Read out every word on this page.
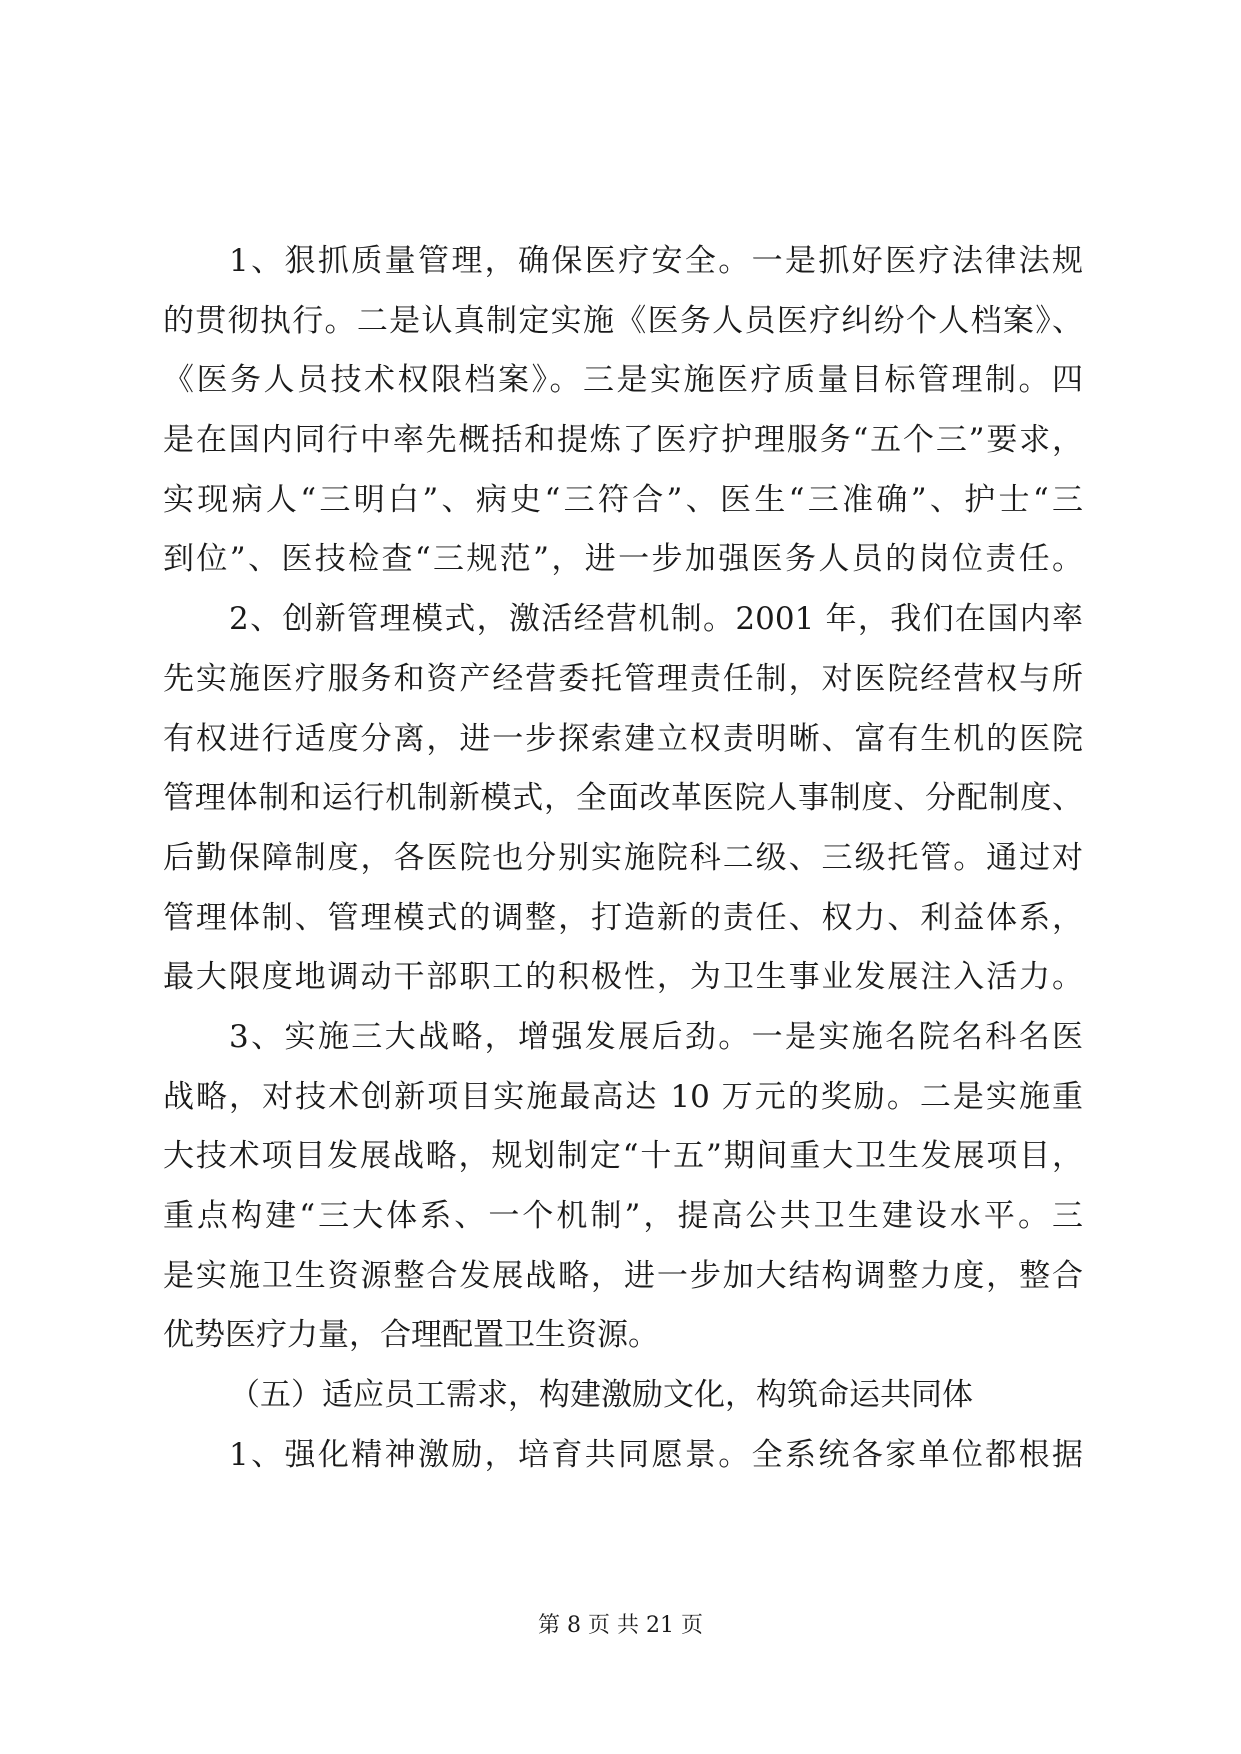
1、狠抓质量管理，确保医疗安全。一是抓好医疗法律法规
的贯彻执行。二是认真制定实施《医务人员医疗纠纷个人档案》、
《医务人员技术权限档案》。三是实施医疗质量目标管理制。四
是在国内同行中率先概括和提炼了医疗护理服务“五个三”要求，
实现病人“三明白”、病史“三符合”、医生“三准确”、护士“三
到位”、医技检查“三规范”，进一步加强医务人员的岗位责任。
2、创新管理模式，激活经营机制。2001 年，我们在国内率
先实施医疗服务和资产经营委托管理责任制，对医院经营权与所
有权进行适度分离，进一步探索建立权责明晰、富有生机的医院
管理体制和运行机制新模式，全面改革医院人事制度、分配制度、
后勤保障制度，各医院也分别实施院科二级、三级托管。通过对
管理体制、管理模式的调整，打造新的责任、权力、利益体系，
最大限度地调动干部职工的积极性，为卫生事业发展注入活力。
3、实施三大战略，增强发展后劲。一是实施名院名科名医
战略，对技术创新项目实施最高达 10 万元的奖励。二是实施重
大技术项目发展战略，规划制定“十五”期间重大卫生发展项目，
重点构建“三大体系、一个机制”，提高公共卫生建设水平。三
是实施卫生资源整合发展战略，进一步加大结构调整力度，整合
优势医疗力量，合理配置卫生资源。
（五）适应员工需求，构建激励文化，构筑命运共同体
1、强化精神激励，培育共同愿景。全系统各家单位都根据
第 8 页 共 21 页
